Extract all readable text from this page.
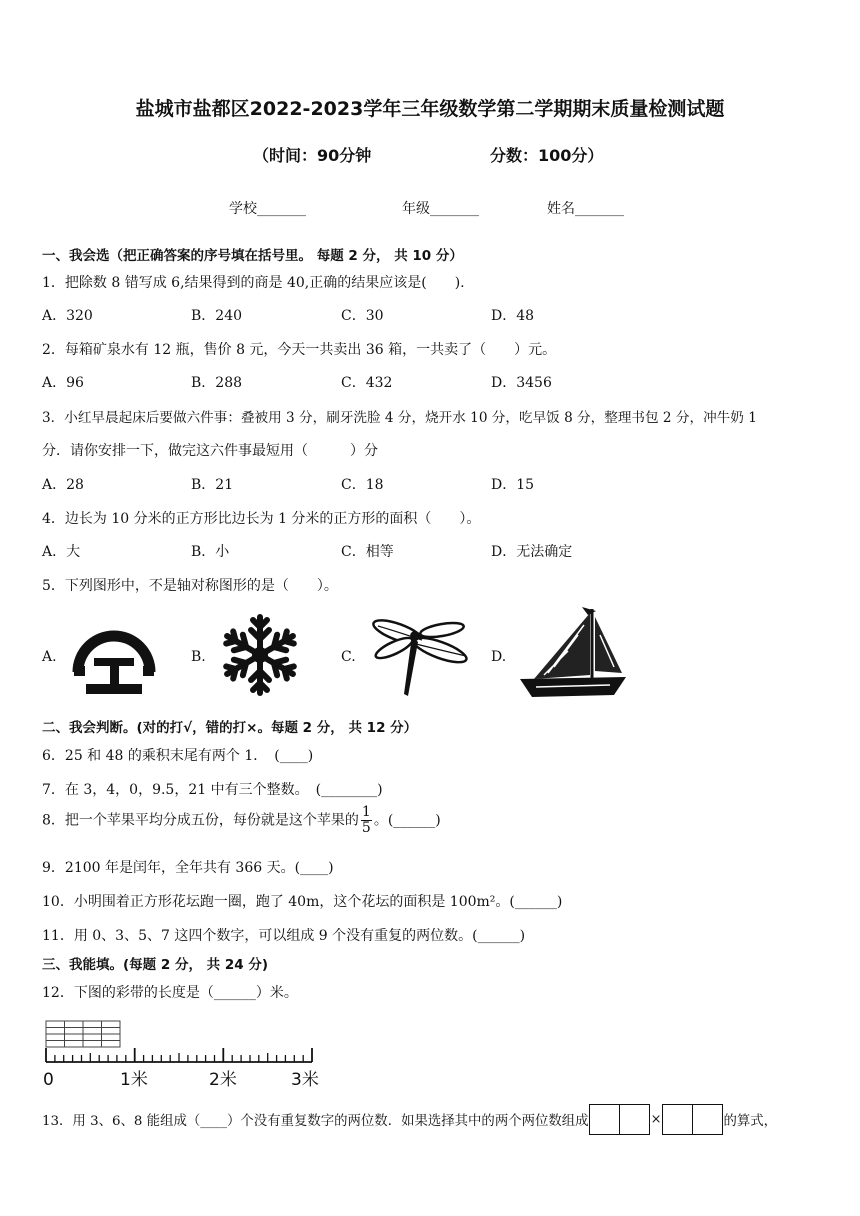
盐城市盐都区2022-2023学年三年级数学第二学期期末质量检测试题
（时间：90分钟	分数：100分）
学校_______	年级_______	姓名_______
一、我会选（把正确答案的序号填在括号里。 每题 2 分， 共 10 分）
1．把除数 8 错写成 6,结果得到的商是 40,正确的结果应该是(　　).
A．320	B．240	C．30	D．48
2．每箱矿泉水有 12 瓶，售价 8 元，今天一共卖出 36 箱，一共卖了（　　）元。
A．96	B．288	C．432	D．3456
3．小红早晨起床后要做六件事：叠被用 3 分，刷牙洗脸 4 分，烧开水 10 分，吃早饭 8 分，整理书包 2 分，冲牛奶 1
分．请你安排一下，做完这六件事最短用（　　　）分
A．28	B．21	C．18	D．15
4．边长为 10 分米的正方形比边长为 1 分米的正方形的面积（　　）。
A．大	B．小	C．相等	D．无法确定
5．下列图形中，不是轴对称图形的是（　　）。
A.	B.	C.	D.
二、我会判断。(对的打√，错的打×。每题 2 分， 共 12 分）
6．25 和 48 的乘积末尾有两个 1．　(____)
7．在 3，4，0，9.5，21 中有三个整数。　(________)
8．把一个苹果平均分成五份，每份就是这个苹果的 $\frac{1}{5}$ 。(______)
9．2100 年是闰年，全年共有 366 天。(____)
10．小明围着正方形花坛跑一圈，跑了 40m，这个花坛的面积是 100m²。(______)
11．用 0、3、5、7 这四个数字，可以组成 9 个没有重复的两位数。(______)
三、我能填。(每题 2 分， 共 24 分)
12．下图的彩带的长度是（______）米。
0	1米	2米	3米
13．用 3、6、8 能组成（____）个没有重复数字的两位数．如果选择其中的两个两位数组成	×	的算式，
